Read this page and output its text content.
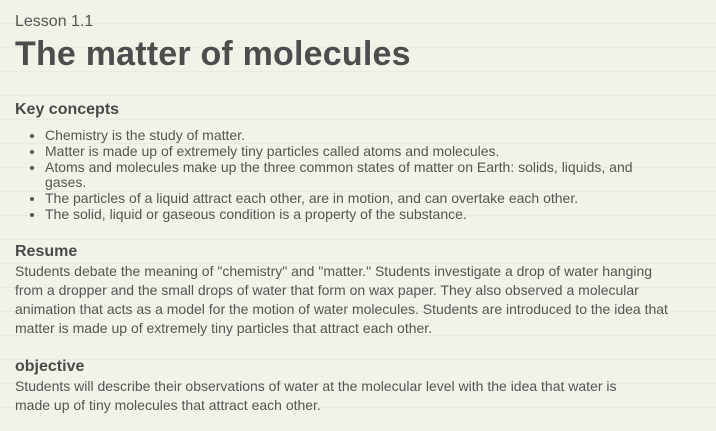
Lesson 1.1
The matter of molecules
Key concepts
• Chemistry is the study of matter.
• Matter is made up of extremely tiny particles called atoms and molecules.
• Atoms and molecules make up the three common states of matter on Earth: solids, liquids, and gases.
• The particles of a liquid attract each other, are in motion, and can overtake each other.
• The solid, liquid or gaseous condition is a property of the substance.
Resume

Students debate the meaning of "chemistry" and "matter." Students investigate a drop of water hanging from a dropper and the small drops of water that form on wax paper. They also observed a molecular animation that acts as a model for the motion of water molecules. Students are introduced to the idea that matter is made up of extremely tiny particles that attract each other.

objective

Students will describe their observations of water at the molecular level with the idea that water is made up of tiny molecules that attract each other.
